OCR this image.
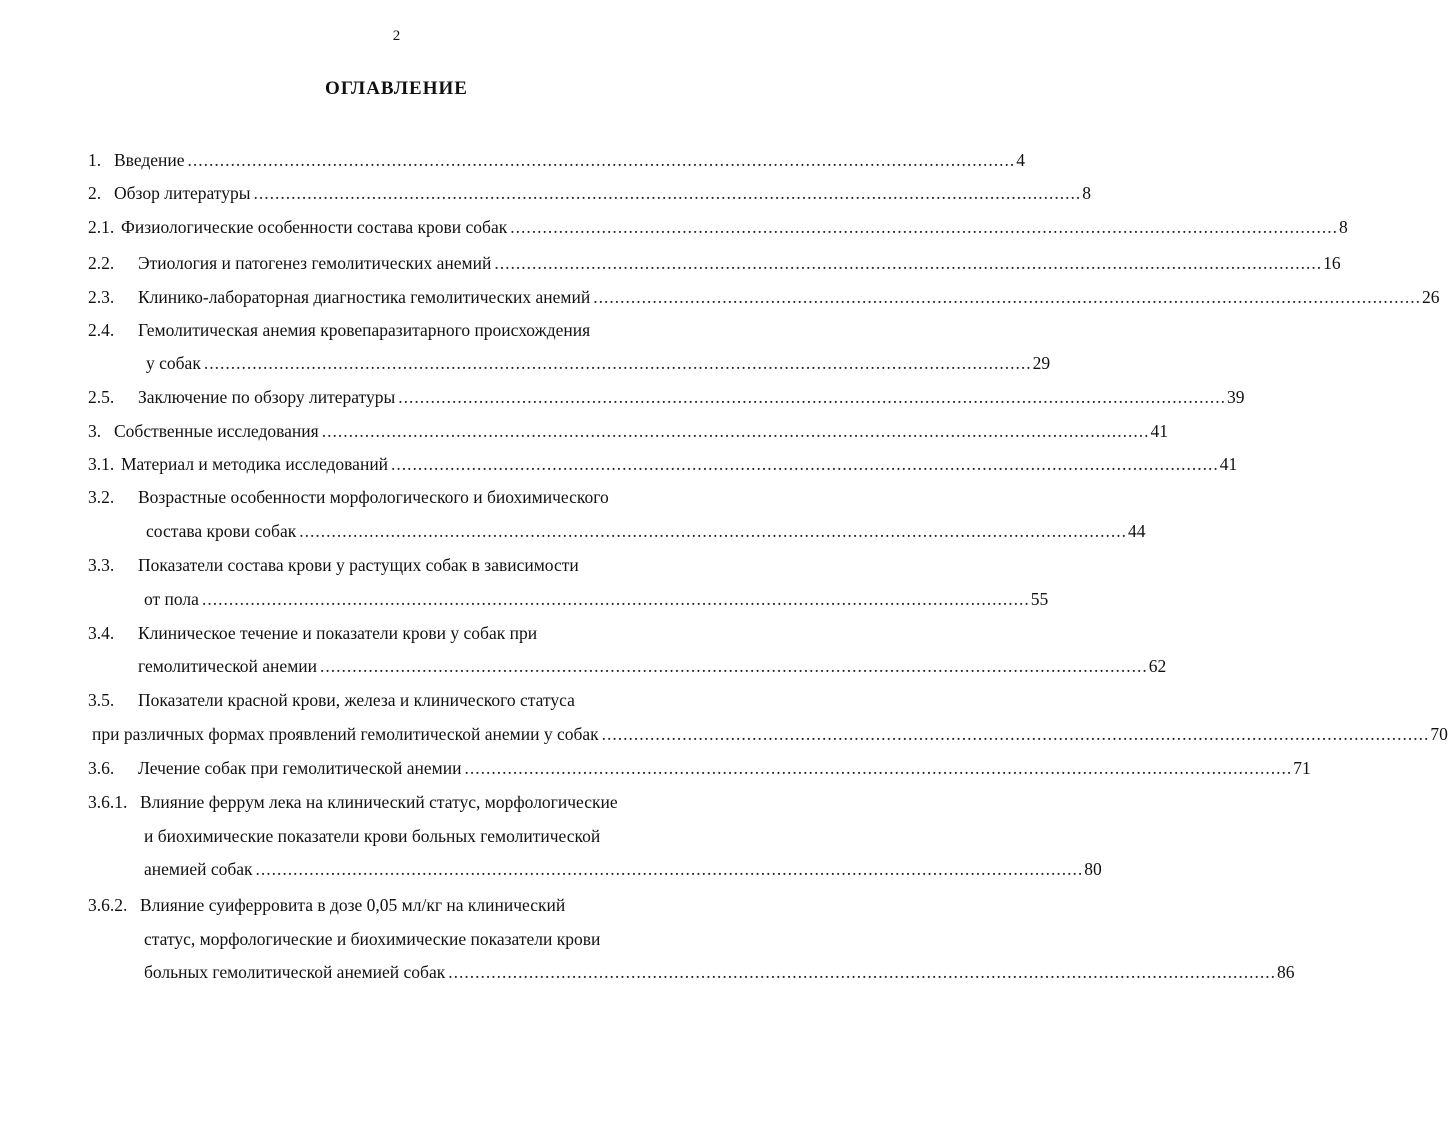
2
ОГЛАВЛЕНИЕ
1. Введение .......................................................................................................................................................... 4
2. Обзор литературы .......................................................................................................................................................... 8
2.1. Физиологические особенности состава крови собак .......................................................................................................................................................... 8
2.2. Этиология и патогенез гемолитических анемий .......................................................................................................................................................... 16
2.3. Клинико-лабораторная диагностика гемолитических анемий .......................................................................................................................................................... 26
2.4. Гемолитическая анемия кровепаразитарного происхождения
у собак .......................................................................................................................................................... 29
2.5. Заключение по обзору литературы .......................................................................................................................................................... 39
3. Собственные исследования .......................................................................................................................................................... 41
3.1. Материал и методика исследований .......................................................................................................................................................... 41
3.2. Возрастные особенности морфологического и биохимического
состава крови собак .......................................................................................................................................................... 44
3.3. Показатели состава крови у растущих собак в зависимости
от пола .......................................................................................................................................................... 55
3.4. Клиническое течение и показатели крови у собак при
гемолитической анемии .......................................................................................................................................................... 62
3.5. Показатели красной крови, железа и клинического статуса
при различных формах проявлений гемолитической анемии у собак .......................................................................................................................................................... 70
3.6. Лечение собак при гемолитической анемии .......................................................................................................................................................... 71
3.6.1. Влияние феррум лека на клинический статус, морфологические
и биохимические показатели крови больных гемолитической
анемией собак .......................................................................................................................................................... 80
3.6.2. Влияние суиферровита в дозе 0,05 мл/кг на клинический
статус, морфологические и биохимические показатели крови
больных гемолитической анемией собак .......................................................................................................................................................... 86
